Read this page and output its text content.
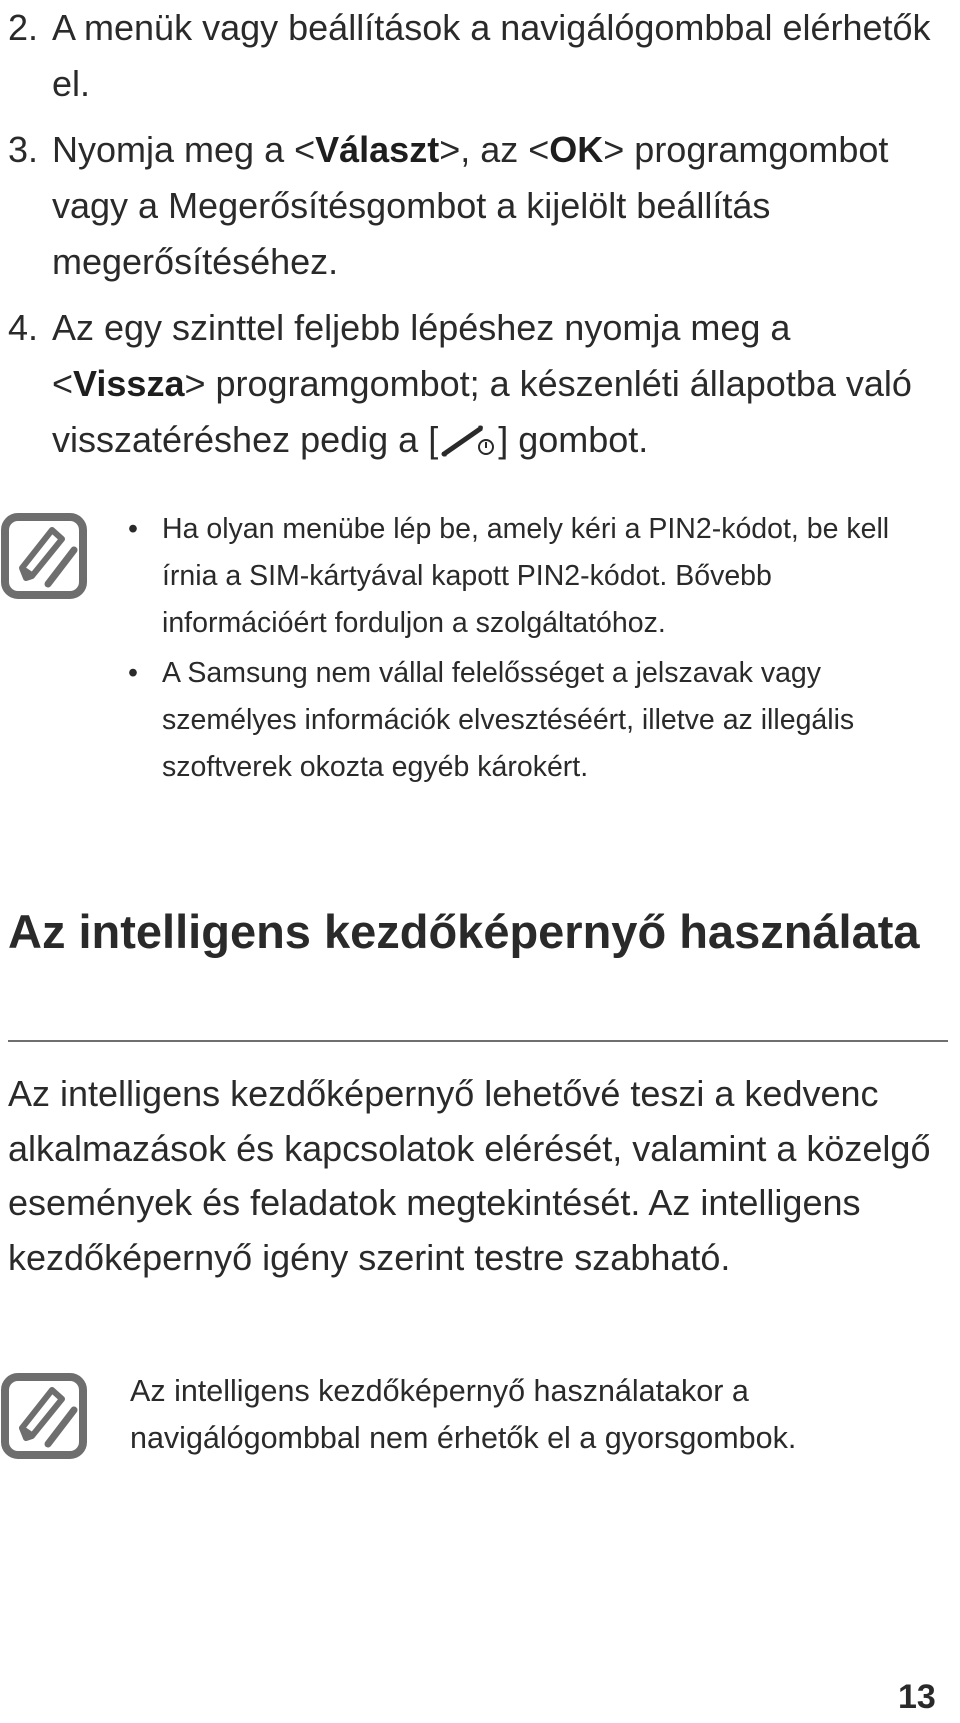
2. A menük vagy beállítások a navigálógombbal elérhetők el.
3. Nyomja meg a <Választ>, az <OK> programgombot vagy a Megerősítésgombot a kijelölt beállítás megerősítéséhez.
4. Az egy szinttel feljebb lépéshez nyomja meg a <Vissza> programgombot; a készenléti állapotba való visszatéréshez pedig a [ ] gombot.
• Ha olyan menübe lép be, amely kéri a PIN2-kódot, be kell írnia a SIM-kártyával kapott PIN2-kódot. Bővebb információért forduljon a szolgáltatóhoz.
• A Samsung nem vállal felelősséget a jelszavak vagy személyes információk elvesztéséért, illetve az illegális szoftverek okozta egyéb károkért.
Az intelligens kezdőképernyő használata

Az intelligens kezdőképernyő lehetővé teszi a kedvenc alkalmazások és kapcsolatok elérését, valamint a közelgő események és feladatok megtekintését. Az intelligens kezdőképernyő igény szerint testre szabható.

Az intelligens kezdőképernyő használatakor a navigálógombbal nem érhetők el a gyorsgombok.

13
